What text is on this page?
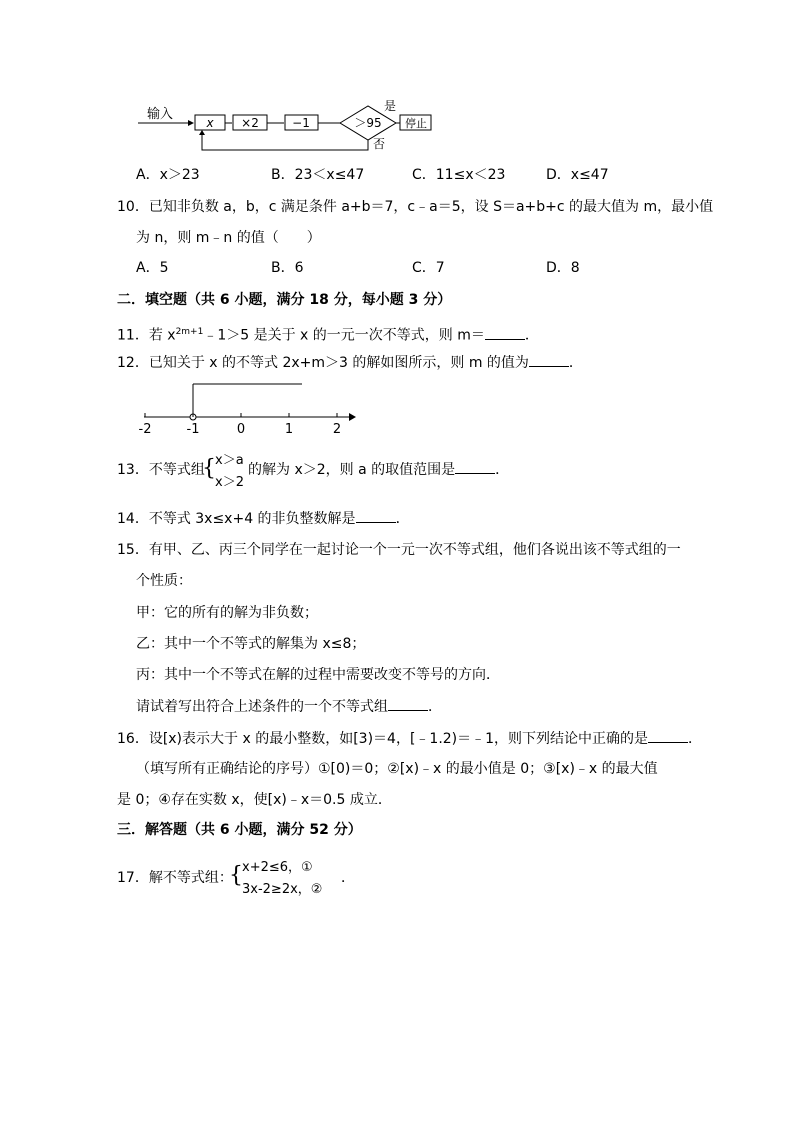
输入
x ×2	−1	＞95
是
停止
否
A．x＞23	B．23＜x≤47	C．11≤x＜23	D．x≤47
10．已知非负数 a，b，c 满足条件 a+b＝7，c﹣a＝5，设 S＝a+b+c 的最大值为 m，最小值
为 n，则 m﹣n 的值（　　）
A．5	B．6	C．7	D．8
二．填空题（共 6 小题，满分 18 分，每小题 3 分）
11．若 $x^{2m+1}﹣1>5$ 是关于 x 的一元一次不等式，则 m＝	．
12．已知关于 x 的不等式 2x+m＞3 的解如图所示，则 m 的值为	．
-2	-1	0	1	2
13．不等式组
{ x＞a
x＞2
的解为 x＞2，则 a 的取值范围是	．
14．不等式 3x≤x+4 的非负整数解是	．
15．有甲、乙、丙三个同学在一起讨论一个一元一次不等式组，他们各说出该不等式组的一
个性质：
甲：它的所有的解为非负数；
乙：其中一个不等式的解集为 x≤8；
丙：其中一个不等式在解的过程中需要改变不等号的方向．
请试着写出符合上述条件的一个不等式组	．
16．设[x)表示大于 x 的最小整数，如[3)＝4，[﹣1.2)＝﹣1，则下列结论中正确的是	．
（填写所有正确结论的序号）①[0)＝0；②[x)﹣x 的最小值是 0；③[x)﹣x 的最大值
是 0；④存在实数 x，使[x)﹣x＝0.5 成立．
三．解答题（共 6 小题，满分 52 分）
17．解不等式组：
{ x+2≤6，①
3x-2≥2x，②
．
